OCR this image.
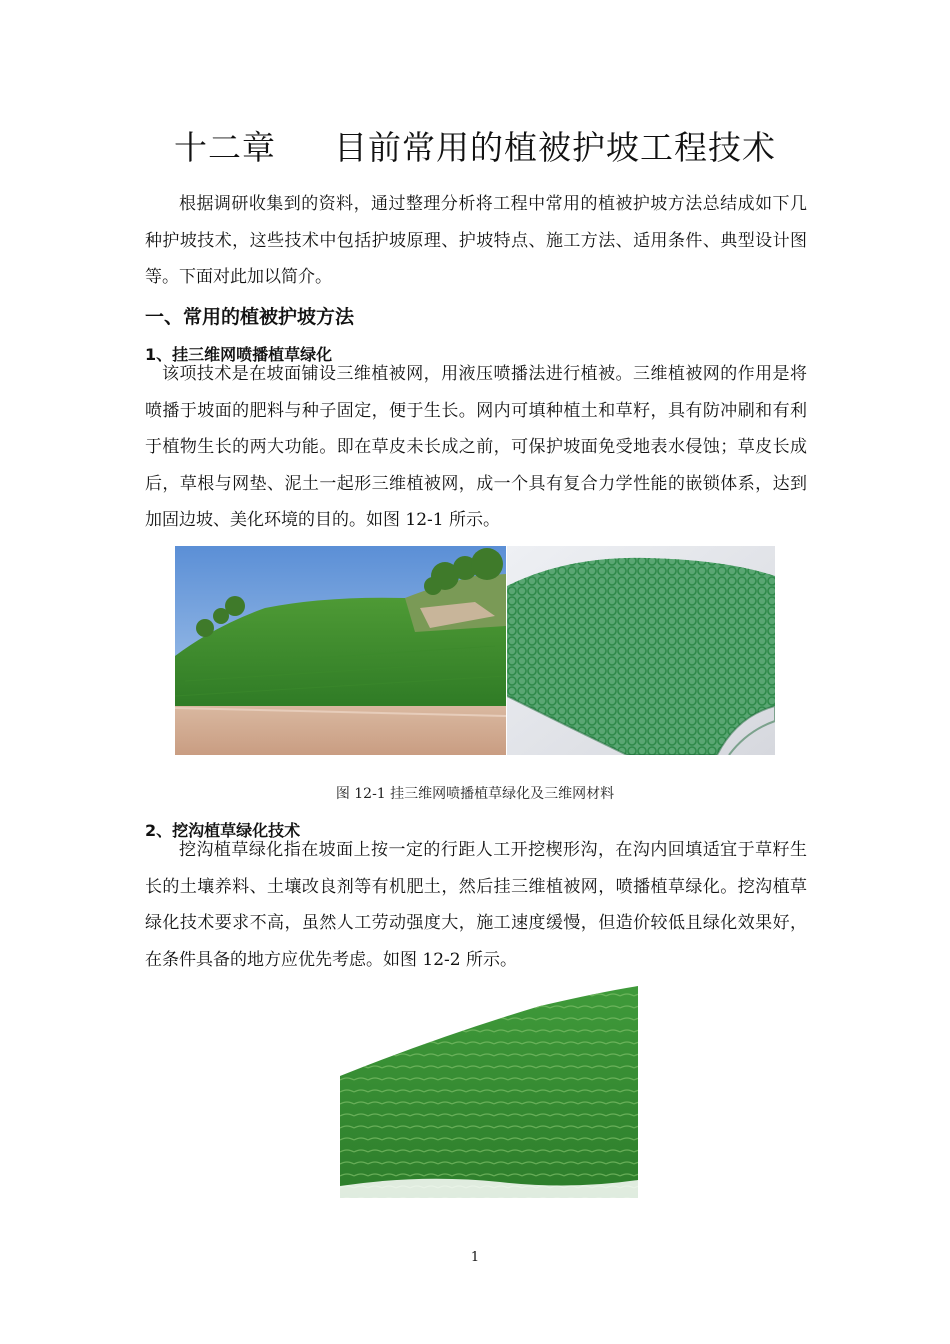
十二章 目前常用的植被护坡工程技术
根据调研收集到的资料，通过整理分析将工程中常用的植被护坡方法总结成如下几种护坡技术，这些技术中包括护坡原理、护坡特点、施工方法、适用条件、典型设计图等。下面对此加以简介。
一、常用的植被护坡方法
1、挂三维网喷播植草绿化
该项技术是在坡面铺设三维植被网，用液压喷播法进行植被。三维植被网的作用是将喷播于坡面的肥料与种子固定，便于生长。网内可填种植土和草籽，具有防冲刷和有利于植物生长的两大功能。即在草皮未长成之前，可保护坡面免受地表水侵蚀；草皮长成后，草根与网垫、泥土一起形三维植被网，成一个具有复合力学性能的嵌锁体系，达到加固边坡、美化环境的目的。如图 12-1 所示。
图 12-1 挂三维网喷播植草绿化及三维网材料
2、挖沟植草绿化技术
挖沟植草绿化指在坡面上按一定的行距人工开挖楔形沟，在沟内回填适宜于草籽生长的土壤养料、土壤改良剂等有机肥土，然后挂三维植被网，喷播植草绿化。挖沟植草绿化技术要求不高，虽然人工劳动强度大，施工速度缓慢，但造价较低且绿化效果好，在条件具备的地方应优先考虑。如图 12-2 所示。
1
